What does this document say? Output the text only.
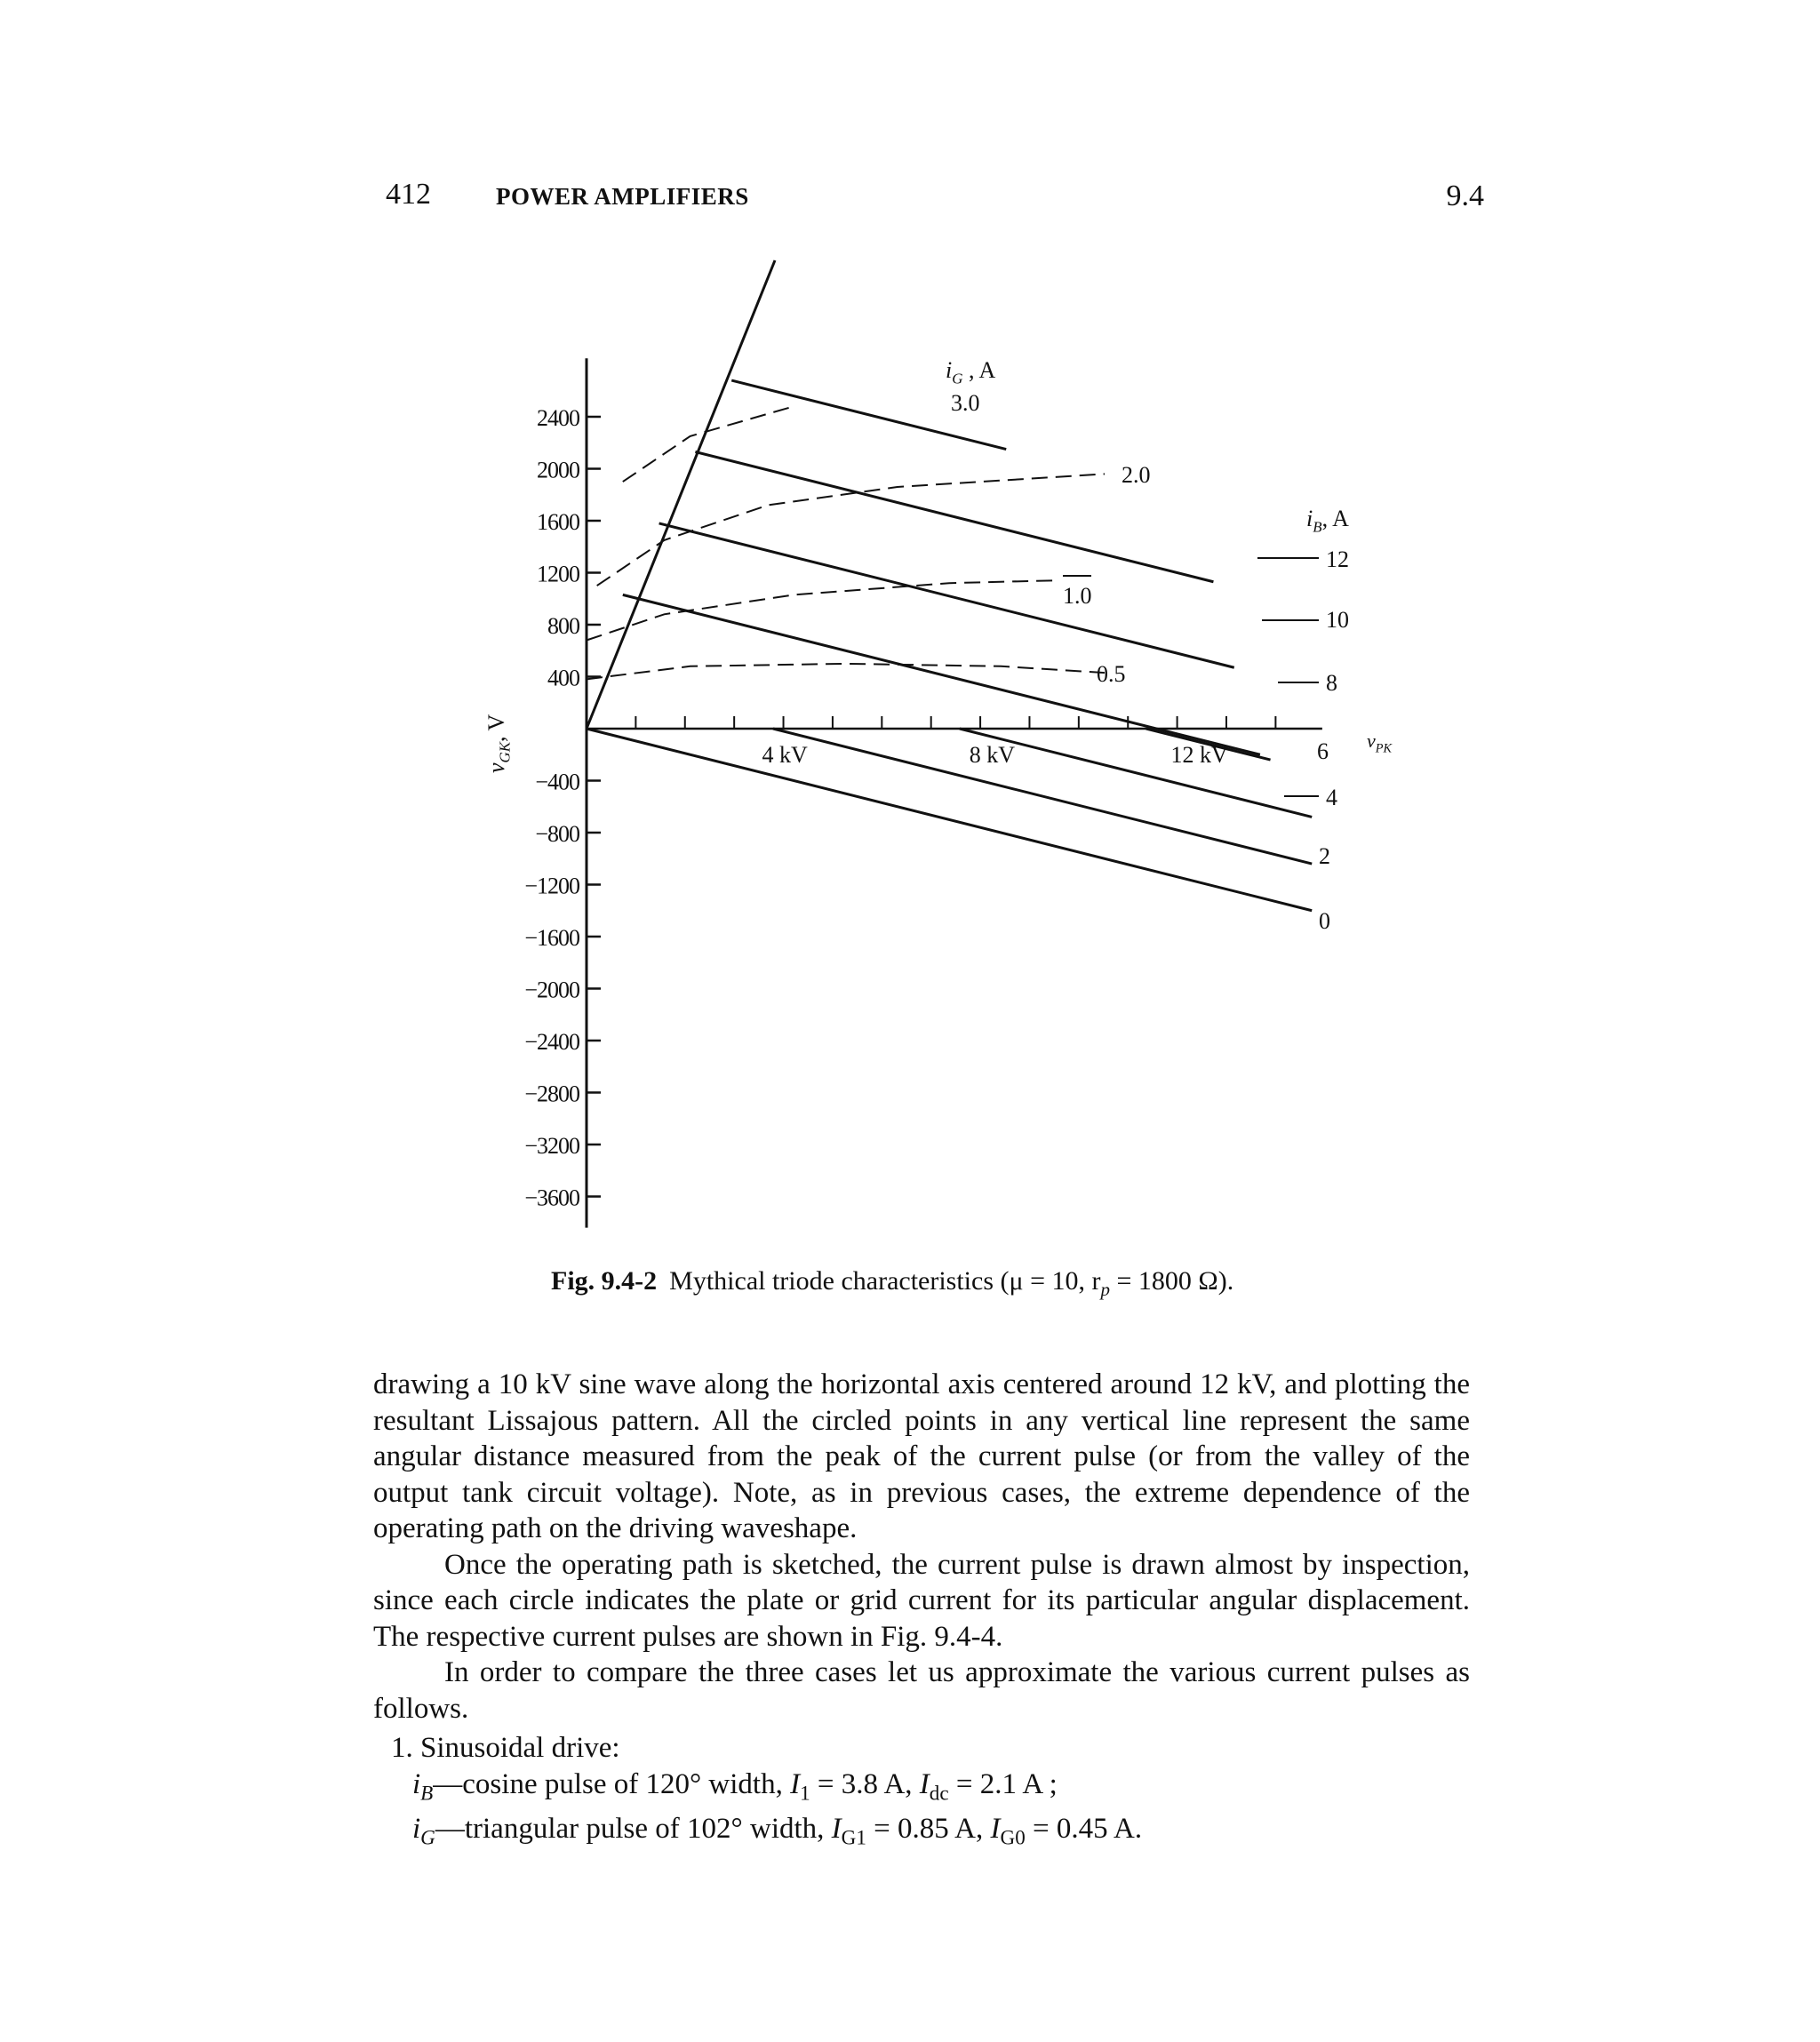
412	POWER AMPLIFIERS	9.4
2400
2000
1600
1200
800
400
−400
−800
−1200
−1600
−2000
−2400
−2800
−3200
−3600
$v_{GK}$, V
4 kV	8 kV	12 kV
$v_{PK}$
12
10
8
6
4
2
0
$i_B$, A
3.0
2.0
1.0
0.5
$i_G$ , A
Fig. 9.4-2 Mythical triode characteristics (μ = 10, $r_p = 1800$ Ω).

drawing a 10 kV sine wave along the horizontal axis centered around 12 kV, and plotting the resultant Lissajous pattern. All the circled points in any vertical line represent the same angular distance measured from the peak of the current pulse (or from the valley of the output tank circuit voltage). Note, as in previous cases, the extreme dependence of the operating path on the driving waveshape.

Once the operating path is sketched, the current pulse is drawn almost by inspection, since each circle indicates the plate or grid current for its particular angular displacement. The respective current pulses are shown in Fig. 9.4-4.

In order to compare the three cases let us approximate the various current pulses as follows.

1. Sinusoidal drive:

$i_B—cosine$ pulse of 120° width, $I_1 = 3.8$ A, $I_{dc} = 2.1$ A ;

$i_G—triangular$ pulse of 102° width, $I_{G1} = 0.85$ A, $I_{G0} = 0.45$ A.
